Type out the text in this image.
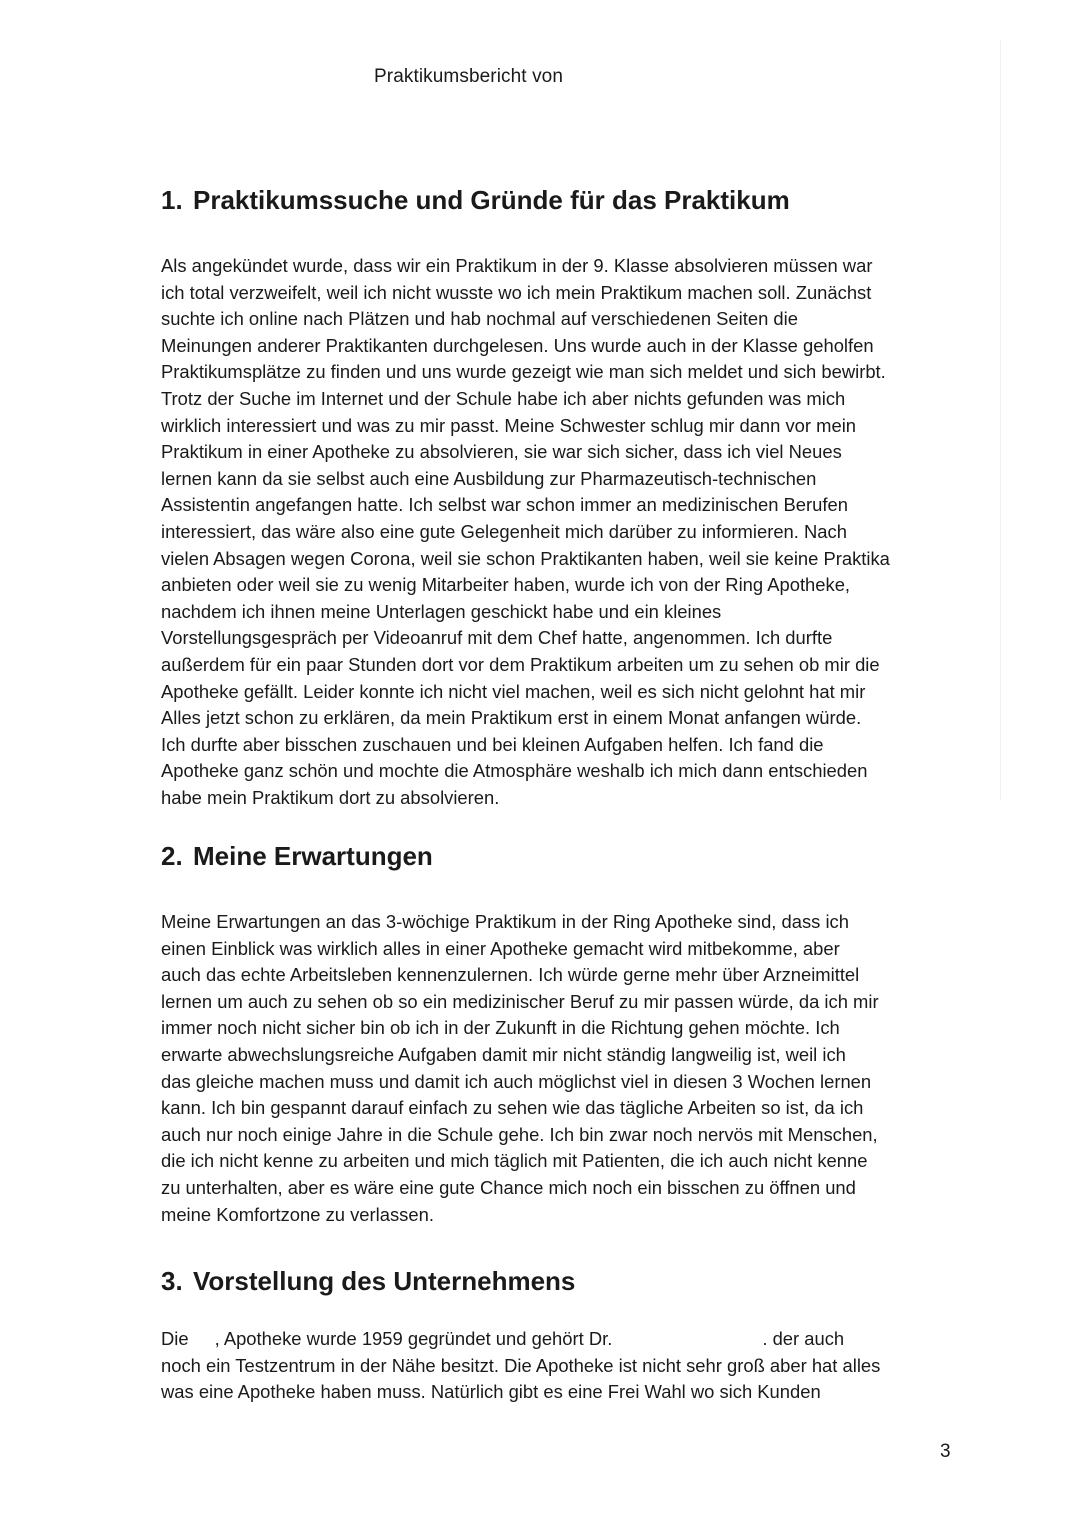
Praktikumsbericht von
1. Praktikumssuche und Gründe für das Praktikum

Als angekündet wurde, dass wir ein Praktikum in der 9. Klasse absolvieren müssen war
ich total verzweifelt, weil ich nicht wusste wo ich mein Praktikum machen soll. Zunächst
suchte ich online nach Plätzen und hab nochmal auf verschiedenen Seiten die
Meinungen anderer Praktikanten durchgelesen. Uns wurde auch in der Klasse geholfen
Praktikumsplätze zu finden und uns wurde gezeigt wie man sich meldet und sich bewirbt.
Trotz der Suche im Internet und der Schule habe ich aber nichts gefunden was mich
wirklich interessiert und was zu mir passt. Meine Schwester schlug mir dann vor mein
Praktikum in einer Apotheke zu absolvieren, sie war sich sicher, dass ich viel Neues
lernen kann da sie selbst auch eine Ausbildung zur Pharmazeutisch-technischen
Assistentin angefangen hatte. Ich selbst war schon immer an medizinischen Berufen
interessiert, das wäre also eine gute Gelegenheit mich darüber zu informieren. Nach
vielen Absagen wegen Corona, weil sie schon Praktikanten haben, weil sie keine Praktika
anbieten oder weil sie zu wenig Mitarbeiter haben, wurde ich von der Ring Apotheke,
nachdem ich ihnen meine Unterlagen geschickt habe und ein kleines
Vorstellungsgespräch per Videoanruf mit dem Chef hatte, angenommen. Ich durfte
außerdem für ein paar Stunden dort vor dem Praktikum arbeiten um zu sehen ob mir die
Apotheke gefällt. Leider konnte ich nicht viel machen, weil es sich nicht gelohnt hat mir
Alles jetzt schon zu erklären, da mein Praktikum erst in einem Monat anfangen würde.
Ich durfte aber bisschen zuschauen und bei kleinen Aufgaben helfen. Ich fand die
Apotheke ganz schön und mochte die Atmosphäre weshalb ich mich dann entschieden
habe mein Praktikum dort zu absolvieren.

2. Meine Erwartungen

Meine Erwartungen an das 3-wöchige Praktikum in der Ring Apotheke sind, dass ich
einen Einblick was wirklich alles in einer Apotheke gemacht wird mitbekomme, aber
auch das echte Arbeitsleben kennenzulernen. Ich würde gerne mehr über Arzneimittel
lernen um auch zu sehen ob so ein medizinischer Beruf zu mir passen würde, da ich mir
immer noch nicht sicher bin ob ich in der Zukunft in die Richtung gehen möchte. Ich
erwarte abwechslungsreiche Aufgaben damit mir nicht ständig langweilig ist, weil ich
das gleiche machen muss und damit ich auch möglichst viel in diesen 3 Wochen lernen
kann. Ich bin gespannt darauf einfach zu sehen wie das tägliche Arbeiten so ist, da ich
auch nur noch einige Jahre in die Schule gehe. Ich bin zwar noch nervös mit Menschen,
die ich nicht kenne zu arbeiten und mich täglich mit Patienten, die ich auch nicht kenne
zu unterhalten, aber es wäre eine gute Chance mich noch ein bisschen zu öffnen und
meine Komfortzone zu verlassen.

3. Vorstellung des Unternehmens

Die , Apotheke wurde 1959 gegründet und gehört Dr.	. der auch
noch ein Testzentrum in der Nähe besitzt. Die Apotheke ist nicht sehr groß aber hat alles
was eine Apotheke haben muss. Natürlich gibt es eine Frei Wahl wo sich Kunden

3
